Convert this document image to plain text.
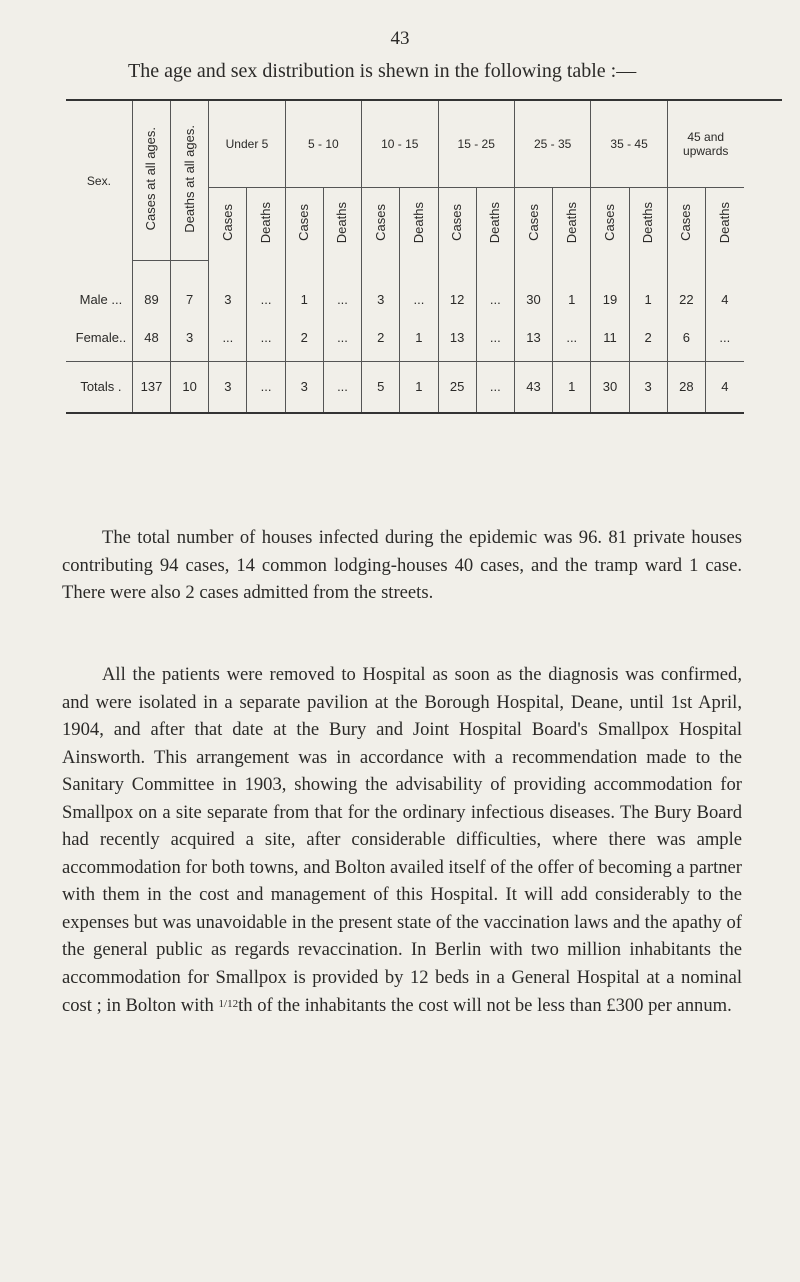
43
The age and sex distribution is shewn in the following table :—
Sex.	Cases at all ages.	Deaths at all ages.	Under 5		5 - 10		10 - 15		15 - 25		25 - 35		35 - 45		45 and upwards	
			Cases	Deaths	Cases	Deaths	Cases	Deaths	Cases	Deaths	Cases	Deaths	Cases	Deaths	Cases	Deaths
Male ...	89	7	3	...	1	...	3	...	12	...	30	1	19	1	22	4
Female..	48	3	...	...	2	...	2	1	13	...	13	...	11	2	6	...

Totals .	137	10	3	...	3	...	5	1	25	...	43	1	30	3	28	4

The total number of houses infected during the epidemic was 96. 81 private houses contributing 94 cases, 14 common lodging-houses 40 cases, and the tramp ward 1 case. There were also 2 cases admitted from the streets.

All the patients were removed to Hospital as soon as the diagnosis was confirmed, and were isolated in a separate pavilion at the Borough Hospital, Deane, until 1st April, 1904, and after that date at the Bury and Joint Hospital Board's Smallpox Hospital Ainsworth. This arrangement was in accordance with a recommendation made to the Sanitary Committee in 1903, showing the advisability of providing accommodation for Smallpox on a site separate from that for the ordinary infectious diseases. The Bury Board had recently acquired a site, after considerable difficulties, where there was ample accommodation for both towns, and Bolton availed itself of the offer of becoming a partner with them in the cost and management of this Hospital. It will add considerably to the expenses but was unavoidable in the present state of the vaccination laws and the apathy of the general public as regards revaccination. In Berlin with two million inhabitants the accommodation for Smallpox is provided by 12 beds in a General Hospital at a nominal cost ; in Bolton with $^{1/12}$th of the inhabitants the cost will not be less than £300 per annum.
